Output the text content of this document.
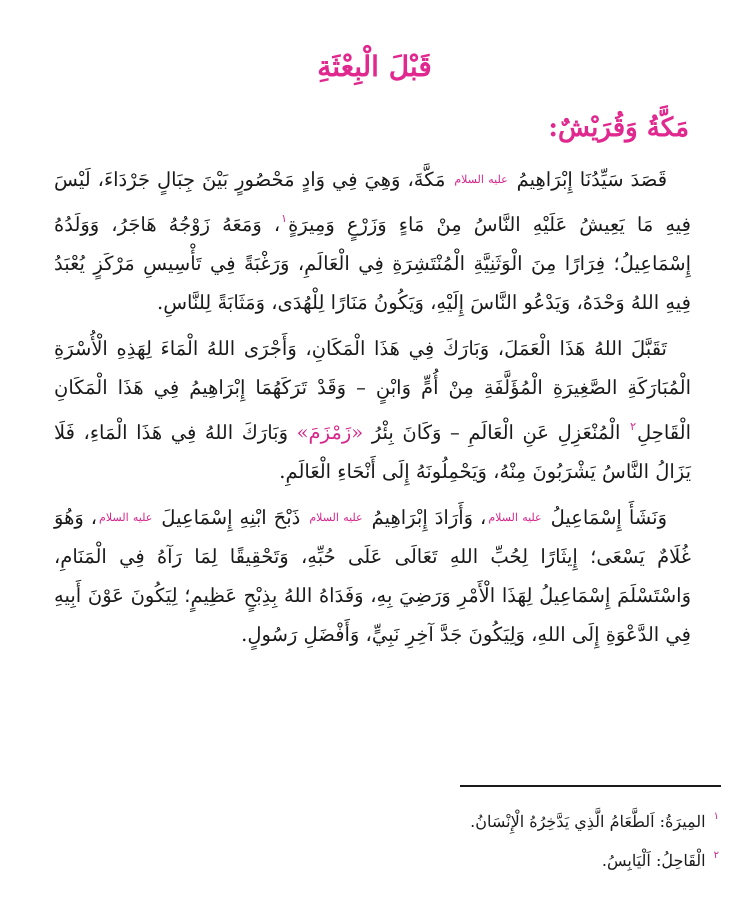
قَبْلَ الْبِعْثَةِ
مَكَّةُ وَقُرَيْشٌ:

قَصَدَ سَيِّدُنَا إِبْرَاهِيمُ عليه السلام مَكَّةَ، وَهِيَ فِي وَادٍ مَحْصُورٍ بَيْنَ جِبَالٍ جَرْدَاءَ، لَيْسَ فِيهِ مَا يَعِيشُ عَلَيْهِ النَّاسُ مِنْ مَاءٍ وَزَرْعٍ وَمِيرَةٍ$^١$، وَمَعَهُ زَوْجُهُ هَاجَرُ، وَوَلَدُهُ إِسْمَاعِيلُ؛ فِرَارًا مِنَ الْوَثَنِيَّةِ الْمُنْتَشِرَةِ فِي الْعَالَمِ، وَرَغْبَةً فِي تَأْسِيسِ مَرْكَزٍ يُعْبَدُ فِيهِ اللهُ وَحْدَهُ، وَيَدْعُو النَّاسَ إِلَيْهِ، وَيَكُونُ مَنَارًا لِلْهُدَى، وَمَثَابَةً لِلنَّاسِ.

تَقَبَّلَ اللهُ هَذَا الْعَمَلَ، وَبَارَكَ فِي هَذَا الْمَكَانِ، وَأَجْرَى اللهُ الْمَاءَ لِهَذِهِ الْأُسْرَةِ الْمُبَارَكَةِ الصَّغِيرَةِ الْمُؤَلَّفَةِ مِنْ أُمٍّ وَابْنٍ – وَقَدْ تَرَكَهُمَا إِبْرَاهِيمُ فِي هَذَا الْمَكَانِ الْقَاحِلِ$^٢$ الْمُنْعَزِلِ عَنِ الْعَالَمِ – وَكَانَ بِئْرُ «زَمْزَمَ» وَبَارَكَ اللهُ فِي هَذَا الْمَاءِ، فَلَا يَزَالُ النَّاسُ يَشْرَبُونَ مِنْهُ، وَيَحْمِلُونَهُ إِلَى أَنْحَاءِ الْعَالَمِ.

وَنَشَأَ إِسْمَاعِيلُ عليه السلام، وَأَرَادَ إِبْرَاهِيمُ عليه السلام ذَبْحَ ابْنِهِ إِسْمَاعِيلَ عليه السلام، وَهُوَ غُلَامٌ يَسْعَى؛ إِيثَارًا لِحُبِّ اللهِ تَعَالَى عَلَى حُبِّهِ، وَتَحْقِيقًا لِمَا رَآهُ فِي الْمَنَامِ، وَاسْتَسْلَمَ إِسْمَاعِيلُ لِهَذَا الْأَمْرِ وَرَضِيَ بِهِ، وَفَدَاهُ اللهُ بِذِبْحٍ عَظِيمٍ؛ لِيَكُونَ عَوْنَ أَبِيهِ فِي الدَّعْوَةِ إِلَى اللهِ، وَلِيَكُونَ جَدَّ آخِرِ نَبِيٍّ، وَأَفْضَلِ رَسُولٍ.

$^١$المِيرَةُ: اَلطَّعَامُ الَّذِي يَدَّخِرُهُ الْإِنْسَانُ.
$^٢$الْقَاحِلُ: اَلْيَابِسُ.
